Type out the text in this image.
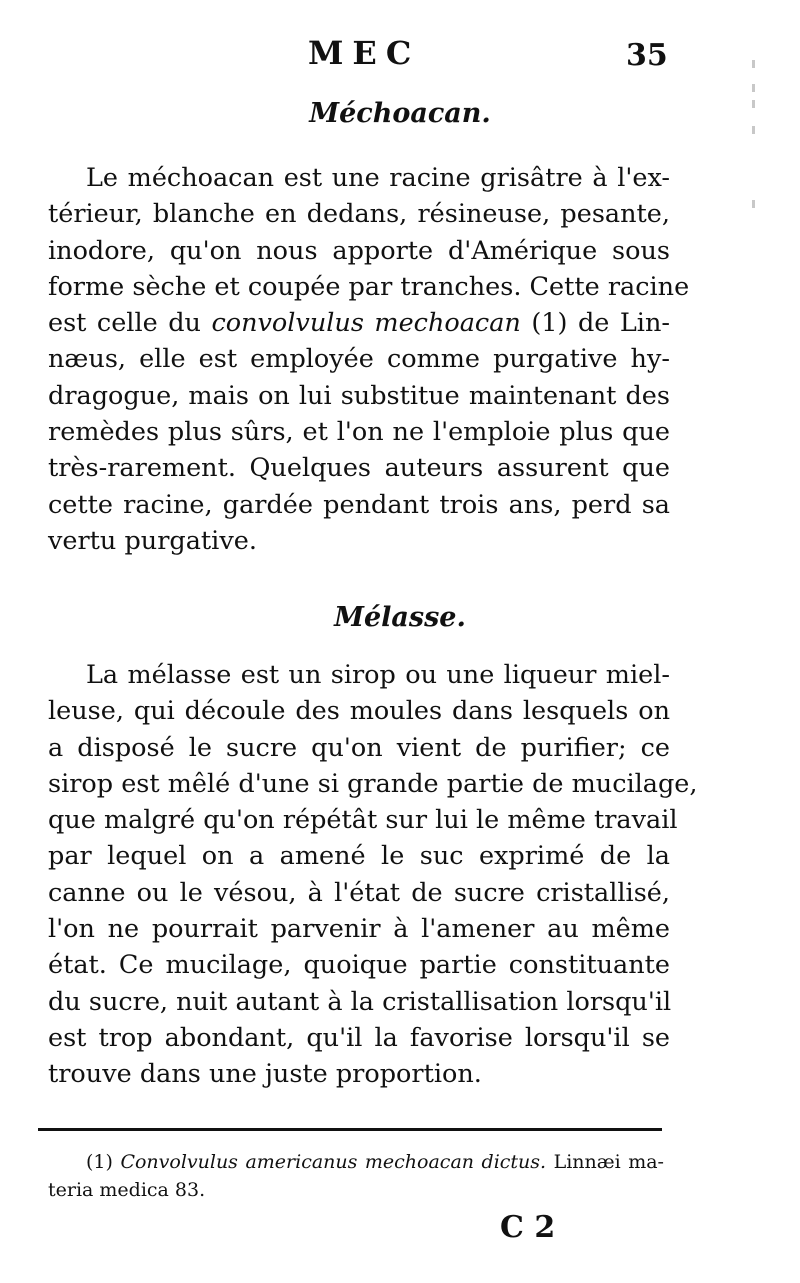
MEC	35
Méchoacan.
Le méchoacan est une racine grisâtre à l'ex-
térieur, blanche en dedans, résineuse, pesante,
inodore, qu'on nous apporte d'Amérique sous
forme sèche et coupée par tranches. Cette racine
est celle du convolvulus mechoacan (1) de Lin-
næus, elle est employée comme purgative hy-
dragogue, mais on lui substitue maintenant des
remèdes plus sûrs, et l'on ne l'emploie plus que
très-rarement. Quelques auteurs assurent que
cette racine, gardée pendant trois ans, perd sa
vertu purgative.
Mélasse.
La mélasse est un sirop ou une liqueur miel-
leuse, qui découle des moules dans lesquels on
a disposé le sucre qu'on vient de purifier; ce
sirop est mêlé d'une si grande partie de mucilage,
que malgré qu'on répétât sur lui le même travail
par lequel on a amené le suc exprimé de la
canne ou le vésou, à l'état de sucre cristallisé,
l'on ne pourrait parvenir à l'amener au même
état. Ce mucilage, quoique partie constituante
du sucre, nuit autant à la cristallisation lorsqu'il
est trop abondant, qu'il la favorise lorsqu'il se
trouve dans une juste proportion.
(1) Convolvulus americanus mechoacan dictus. Linnæi ma-
teria medica 83.
C 2
